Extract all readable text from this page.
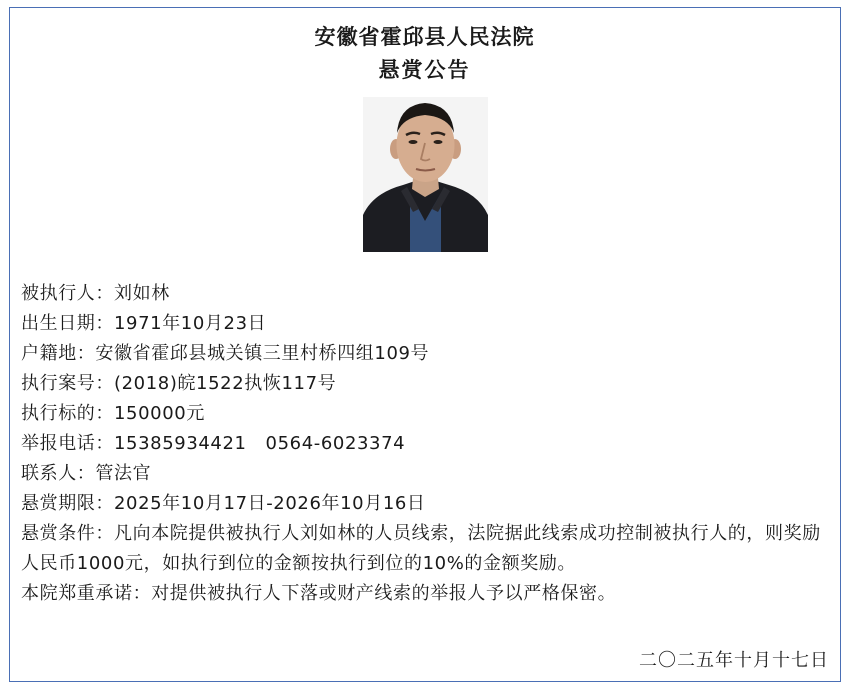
安徽省霍邱县人民法院
悬赏公告
被执行人：刘如林
出生日期：1971年10月23日
户籍地：安徽省霍邱县城关镇三里村桥四组109号
执行案号：(2018)皖1522执恢117号
执行标的：150000元
举报电话：15385934421   0564-6023374
联系人：管法官
悬赏期限：2025年10月17日-2026年10月16日
悬赏条件：凡向本院提供被执行人刘如林的人员线索，法院据此线索成功控制被执行人的，则奖励人民币1000元，如执行到位的金额按执行到位的10%的金额奖励。
本院郑重承诺：对提供被执行人下落或财产线索的举报人予以严格保密。
二〇二五年十月十七日
